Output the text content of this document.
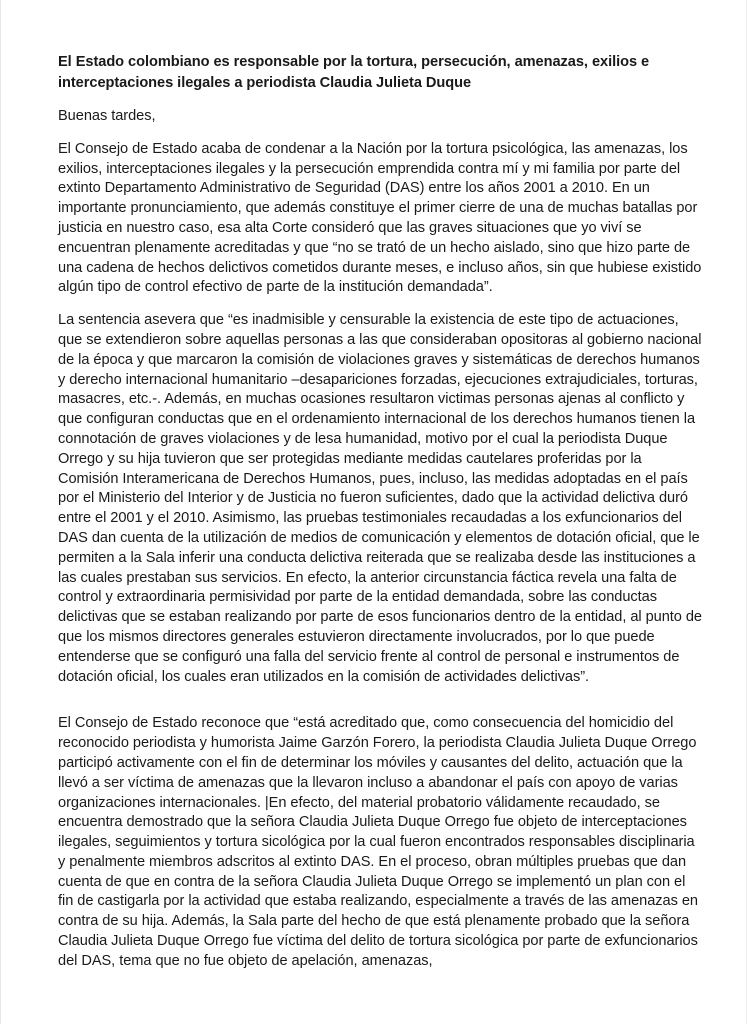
El Estado colombiano es responsable por la tortura, persecución, amenazas, exilios e interceptaciones ilegales a periodista Claudia Julieta Duque
Buenas tardes,
El Consejo de Estado acaba de condenar a la Nación por la tortura psicológica, las amenazas, los exilios, interceptaciones ilegales y la persecución emprendida contra mí y mi familia por parte del extinto Departamento Administrativo de Seguridad (DAS) entre los años 2001 a 2010. En un importante pronunciamiento, que además constituye el primer cierre de una de muchas batallas por justicia en nuestro caso, esa alta Corte consideró que las graves situaciones que yo viví se encuentran plenamente acreditadas y que “no se trató de un hecho aislado, sino que hizo parte de una cadena de hechos delictivos cometidos durante meses, e incluso años, sin que hubiese existido algún tipo de control efectivo de parte de la institución demandada”.
La sentencia asevera que “es inadmisible y censurable la existencia de este tipo de actuaciones, que se extendieron sobre aquellas personas a las que consideraban opositoras al gobierno nacional de la época y que marcaron la comisión de violaciones graves y sistemáticas de derechos humanos y derecho internacional humanitario –desapariciones forzadas, ejecuciones extrajudiciales, torturas, masacres, etc.-. Además, en muchas ocasiones resultaron victimas personas ajenas al conflicto y que configuran conductas que en el ordenamiento internacional de los derechos humanos tienen la connotación de graves violaciones y de lesa humanidad, motivo por el cual la periodista Duque Orrego y su hija tuvieron que ser protegidas mediante medidas cautelares proferidas por la Comisión Interamericana de Derechos Humanos, pues, incluso, las medidas adoptadas en el país por el Ministerio del Interior y de Justicia no fueron suficientes, dado que la actividad delictiva duró entre el 2001 y el 2010. Asimismo, las pruebas testimoniales recaudadas a los exfuncionarios del DAS dan cuenta de la utilización de medios de comunicación y elementos de dotación oficial, que le permiten a la Sala inferir una conducta delictiva reiterada que se realizaba desde las instituciones a las cuales prestaban sus servicios. En efecto, la anterior circunstancia fáctica revela una falta de control y extraordinaria permisividad por parte de la entidad demandada, sobre las conductas delictivas que se estaban realizando por parte de esos funcionarios dentro de la entidad, al punto de que los mismos directores generales estuvieron directamente involucrados, por lo que puede entenderse que se configuró una falla del servicio frente al control de personal e instrumentos de dotación oficial, los cuales eran utilizados en la comisión de actividades delictivas”.
El Consejo de Estado reconoce que “está acreditado que, como consecuencia del homicidio del reconocido periodista y humorista Jaime Garzón Forero, la periodista Claudia Julieta Duque Orrego participó activamente con el fin de determinar los móviles y causantes del delito, actuación que la llevó a ser víctima de amenazas que la llevaron incluso a abandonar el país con apoyo de varias organizaciones internacionales. |En efecto, del material probatorio válidamente recaudado, se encuentra demostrado que la señora Claudia Julieta Duque Orrego fue objeto de interceptaciones ilegales, seguimientos y tortura sicológica por la cual fueron encontrados responsables disciplinaria y penalmente miembros adscritos al extinto DAS. En el proceso, obran múltiples pruebas que dan cuenta de que en contra de la señora Claudia Julieta Duque Orrego se implementó un plan con el fin de castigarla por la actividad que estaba realizando, especialmente a través de las amenazas en contra de su hija. Además, la Sala parte del hecho de que está plenamente probado que la señora Claudia Julieta Duque Orrego fue víctima del delito de tortura sicológica por parte de exfuncionarios del DAS, tema que no fue objeto de apelación, amenazas,
